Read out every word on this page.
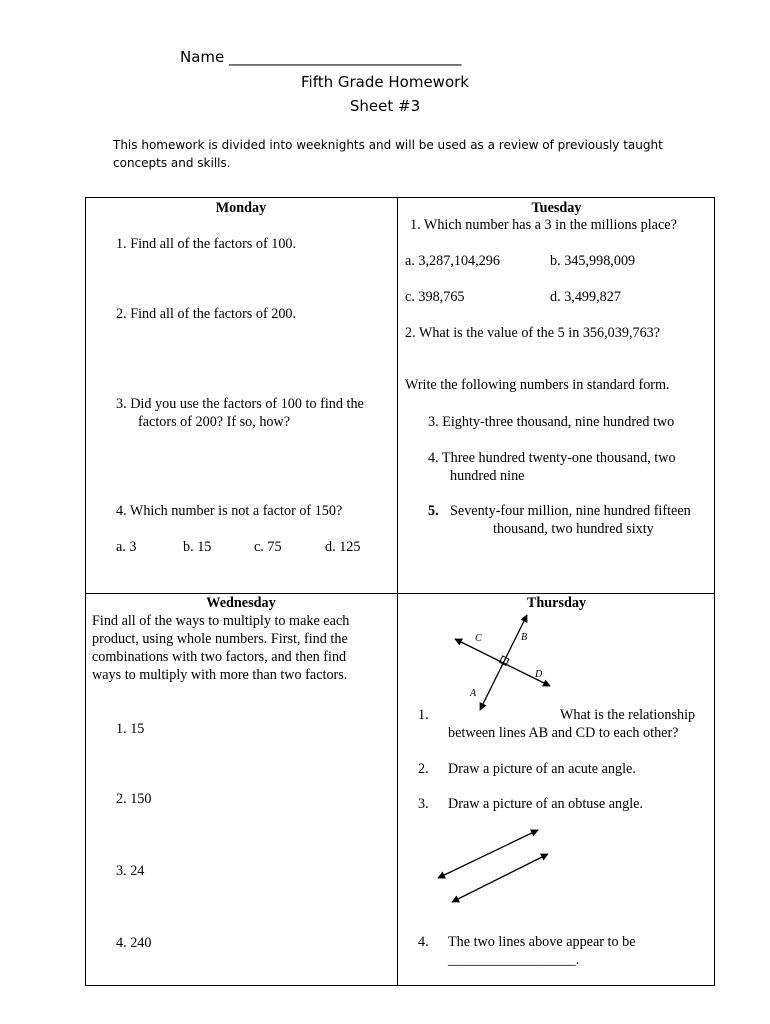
Name _______________________________
Fifth Grade Homework
Sheet #3
This homework is divided into weeknights and will be used as a review of previously taught concepts and skills.
Monday
1. Find all of the factors of 100.
2. Find all of the factors of 200.
3. Did you use the factors of 100 to find the
factors of 200? If so, how?
4. Which number is not a factor of 150?
a. 3	b. 15	c. 75	d. 125
Tuesday
1. Which number has a 3 in the millions place?
a. 3,287,104,296	b. 345,998,009
c. 398,765	d. 3,499,827
2. What is the value of the 5 in 356,039,763?
Write the following numbers in standard form.
3. Eighty-three thousand, nine hundred two
4. Three hundred twenty-one thousand, two
hundred nine
5. Seventy-four million, nine hundred fifteen
thousand, two hundred sixty
Wednesday
Find all of the ways to multiply to make each
product, using whole numbers. First, find the
combinations with two factors, and then find
ways to multiply with more than two factors.
1. 15
2. 150
3. 24
4. 240
Thursday
C	B
D
A
1.	What is the relationship
between lines AB and CD to each other?
2. Draw a picture of an acute angle.
3. Draw a picture of an obtuse angle.
4. The two lines above appear to be
__________________.
